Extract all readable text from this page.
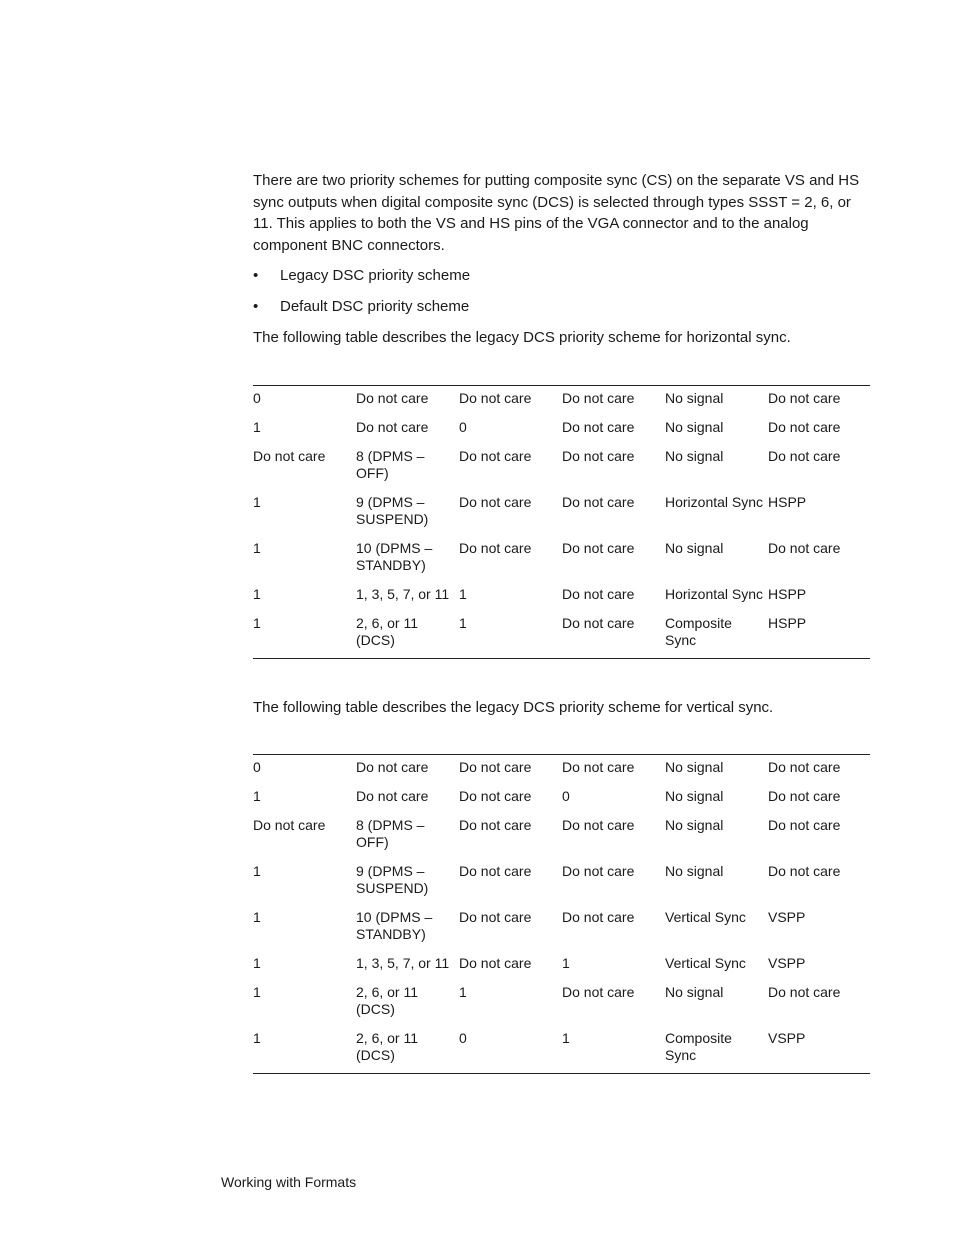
There are two priority schemes for putting composite sync (CS) on the separate VS and HS sync outputs when digital composite sync (DCS) is selected through types SSST = 2, 6, or 11. This applies to both the VS and HS pins of the VGA connector and to the analog component BNC connectors.

• Legacy DSC priority scheme
• Default DSC priority scheme
The following table describes the legacy DCS priority scheme for horizontal sync.
0	Do not care	Do not care	Do not care	No signal	Do not care
1	Do not care	0	Do not care	No signal	Do not care
Do not care	8 (DPMS – OFF)	Do not care	Do not care	No signal	Do not care
1	9 (DPMS – SUSPEND)	Do not care	Do not care	Horizontal Sync	HSPP
1	10 (DPMS – STANDBY)	Do not care	Do not care	No signal	Do not care
1	1, 3, 5, 7, or 11	1	Do not care	Horizontal Sync	HSPP
1	2, 6, or 11 (DCS)	1	Do not care	Composite Sync	HSPP
The following table describes the legacy DCS priority scheme for vertical sync.
0	Do not care	Do not care	Do not care	No signal	Do not care
1	Do not care	Do not care	0	No signal	Do not care
Do not care	8 (DPMS – OFF)	Do not care	Do not care	No signal	Do not care
1	9 (DPMS – SUSPEND)	Do not care	Do not care	No signal	Do not care
1	10 (DPMS – STANDBY)	Do not care	Do not care	Vertical Sync	VSPP
1	1, 3, 5, 7, or 11	Do not care	1	Vertical Sync	VSPP
1	2, 6, or 11 (DCS)	1	Do not care	No signal	Do not care
1	2, 6, or 11 (DCS)	0	1	Composite Sync	VSPP
Working with Formats
